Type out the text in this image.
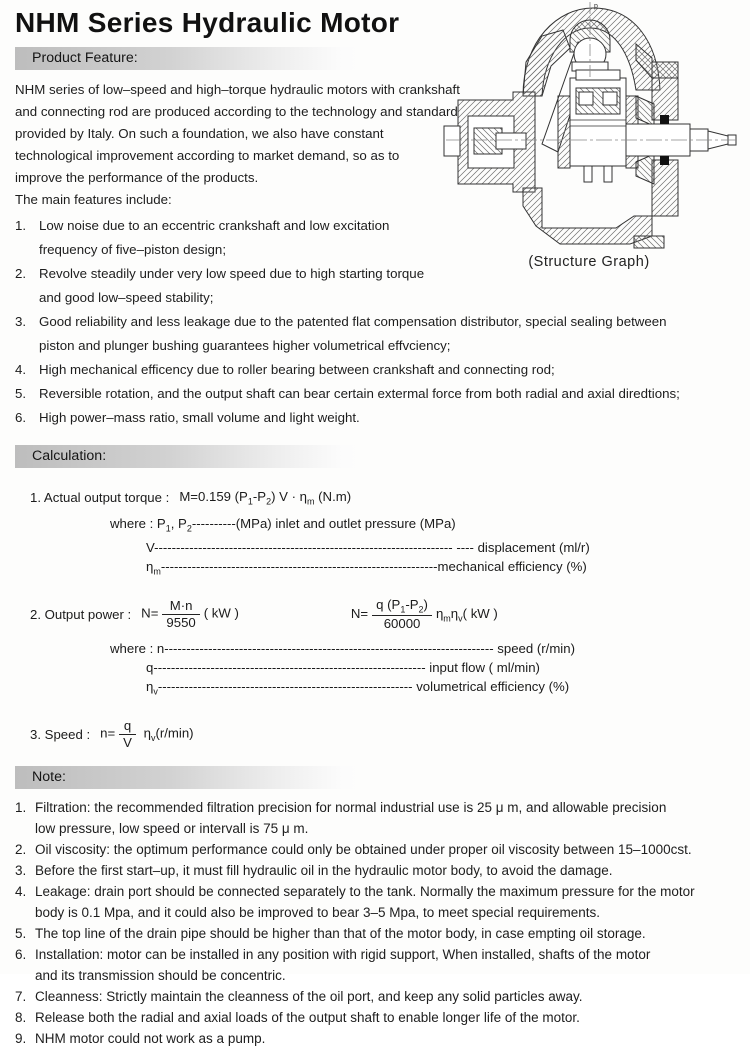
p
(Structure Graph)
NHM Series Hydraulic Motor
Product Feature:
NHM series of low–speed and high–torque hydraulic motors with crankshaft
and connecting rod are produced according to the technology and standard
provided by Italy. On such a foundation, we also have constant
technological improvement according to market demand, so as to
improve the performance of the products.
The main features include:
1. Low noise due to an eccentric crankshaft and low excitation
frequency of five–piston design;
2. Revolve steadily under very low speed due to high starting torque
and good low–speed stability;
3. Good reliability and less leakage due to the patented flat compensation distributor, special sealing between
piston and plunger bushing guarantees higher volumetrical effvciency;
4. High mechanical efficency due to roller bearing between crankshaft and connecting rod;
5. Reversible rotation, and the output shaft can bear certain extermal force from both radial and axial diredtions;
6. High power–mass ratio, small volume and light weight.
Calculation:
1. Actual output torque : M=0.159 $(P_1-P_2) V \cdot \eta_m$ (N.m)
where : $P_1$, $P_2----------(MPa)$ inlet and outlet pressure (MPa)
V-------------------------------------------------------------------- ---- displacement (ml/r)
$\eta_m--------------------------------------------------------------$-mechanical efficiency (%)
2. Output power : $N= \frac{M\cdot n}{9550}$ ( kW )	$N= \frac{q (P_1-P_2)}{60000} \eta_m\eta_v$( kW )
where : n--------------------------------------------------------------------------- speed (r/min)
q-------------------------------------------------------------- input flow ( ml/min)
$\eta_v----------------------------------------------------------$ volumetrical efficiency (%)
3. Speed : $n= \frac{q}{V} \eta_v(r/\min)$
Note:
1. Filtration: the recommended filtration precision for normal industrial use is 25 μ m, and allowable precision
low pressure, low speed or intervall is 75 μ m.
2. Oil viscosity: the optimum performance could only be obtained under proper oil viscosity between 15–1000cst.
3. Before the first start–up, it must fill hydraulic oil in the hydraulic motor body, to avoid the damage.
4. Leakage: drain port should be connected separately to the tank. Normally the maximum pressure for the motor
body is 0.1 Mpa, and it could also be improved to bear 3–5 Mpa, to meet special requirements.
5. The top line of the drain pipe should be higher than that of the motor body, in case empting oil storage.
6. Installation: motor can be installed in any position with rigid support, When installed, shafts of the motor
and its transmission should be concentric.
7. Cleanness: Strictly maintain the cleanness of the oil port, and keep any solid particles away.
8. Release both the radial and axial loads of the output shaft to enable longer life of the motor.
9. NHM motor could not work as a pump.
